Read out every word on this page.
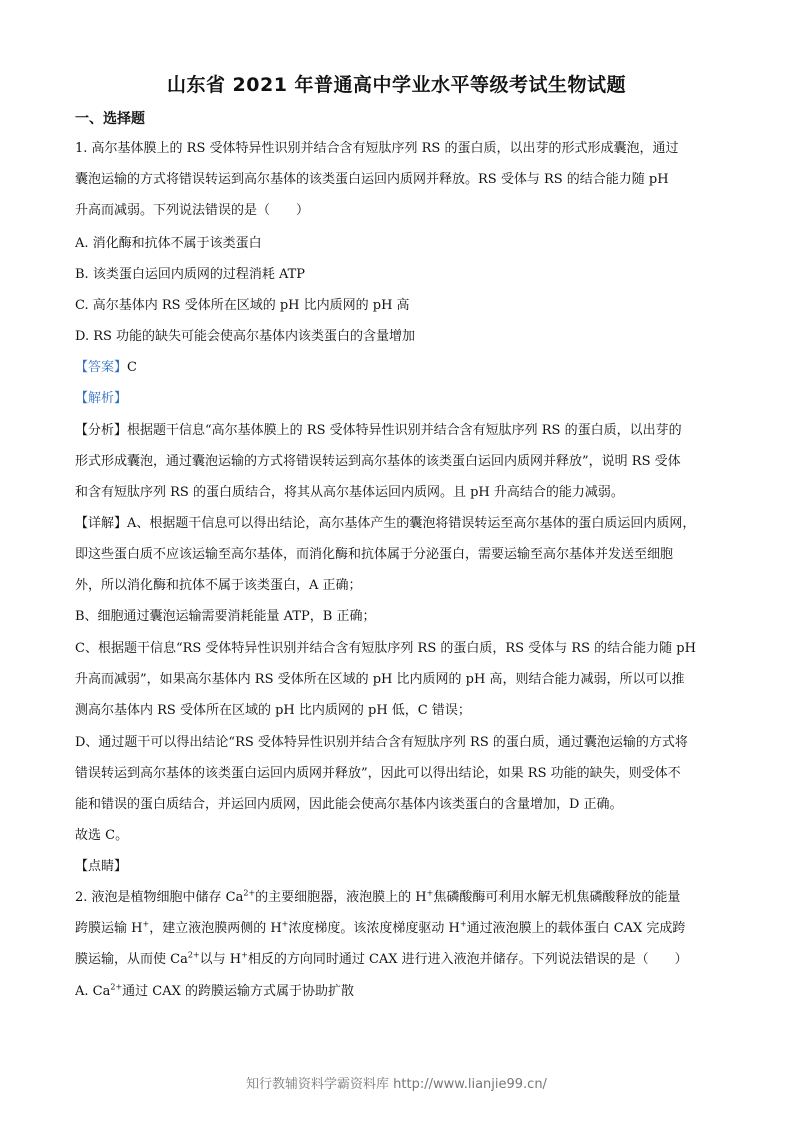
山东省 2021 年普通高中学业水平等级考试生物试题
一、选择题
1. 高尔基体膜上的 RS 受体特异性识别并结合含有短肽序列 RS 的蛋白质，以出芽的形式形成囊泡，通过
囊泡运输的方式将错误转运到高尔基体的该类蛋白运回内质网并释放。RS 受体与 RS 的结合能力随 pH
升高而减弱。下列说法错误的是（　　）
A. 消化酶和抗体不属于该类蛋白
B. 该类蛋白运回内质网的过程消耗 ATP
C. 高尔基体内 RS 受体所在区域的 pH 比内质网的 pH 高
D. RS 功能的缺失可能会使高尔基体内该类蛋白的含量增加
【答案】C
【解析】
【分析】根据题干信息“高尔基体膜上的 RS 受体特异性识别并结合含有短肽序列 RS 的蛋白质，以出芽的
形式形成囊泡，通过囊泡运输的方式将错误转运到高尔基体的该类蛋白运回内质网并释放”，说明 RS 受体
和含有短肽序列 RS 的蛋白质结合，将其从高尔基体运回内质网。且 pH 升高结合的能力减弱。
【详解】A、根据题干信息可以得出结论，高尔基体产生的囊泡将错误转运至高尔基体的蛋白质运回内质网，
即这些蛋白质不应该运输至高尔基体，而消化酶和抗体属于分泌蛋白，需要运输至高尔基体并发送至细胞
外，所以消化酶和抗体不属于该类蛋白，A 正确；
B、细胞通过囊泡运输需要消耗能量 ATP，B 正确；
C、根据题干信息“RS 受体特异性识别并结合含有短肽序列 RS 的蛋白质，RS 受体与 RS 的结合能力随 pH
升高而减弱”，如果高尔基体内 RS 受体所在区域的 pH 比内质网的 pH 高，则结合能力减弱，所以可以推
测高尔基体内 RS 受体所在区域的 pH 比内质网的 pH 低，C 错误；
D、通过题干可以得出结论“RS 受体特异性识别并结合含有短肽序列 RS 的蛋白质，通过囊泡运输的方式将
错误转运到高尔基体的该类蛋白运回内质网并释放”，因此可以得出结论，如果 RS 功能的缺失，则受体不
能和错误的蛋白质结合，并运回内质网，因此能会使高尔基体内该类蛋白的含量增加，D 正确。
故选 C。
【点睛】
2. 液泡是植物细胞中储存 $Ca^{2+}$的主要细胞器，液泡膜上的 H+焦磷酸酶可利用水解无机焦磷酸释放的能量
跨膜运输 H+，建立液泡膜两侧的 H+浓度梯度。该浓度梯度驱动 H+通过液泡膜上的载体蛋白 CAX 完成跨
膜运输，从而使 $Ca^{2+}$以与 H+相反的方向同时通过 CAX 进行进入液泡并储存。下列说法错误的是（　　）
A. $Ca^{2+}$通过 CAX 的跨膜运输方式属于协助扩散
知行教辅资料学霸资料库 http://www.lianjie99.cn/
